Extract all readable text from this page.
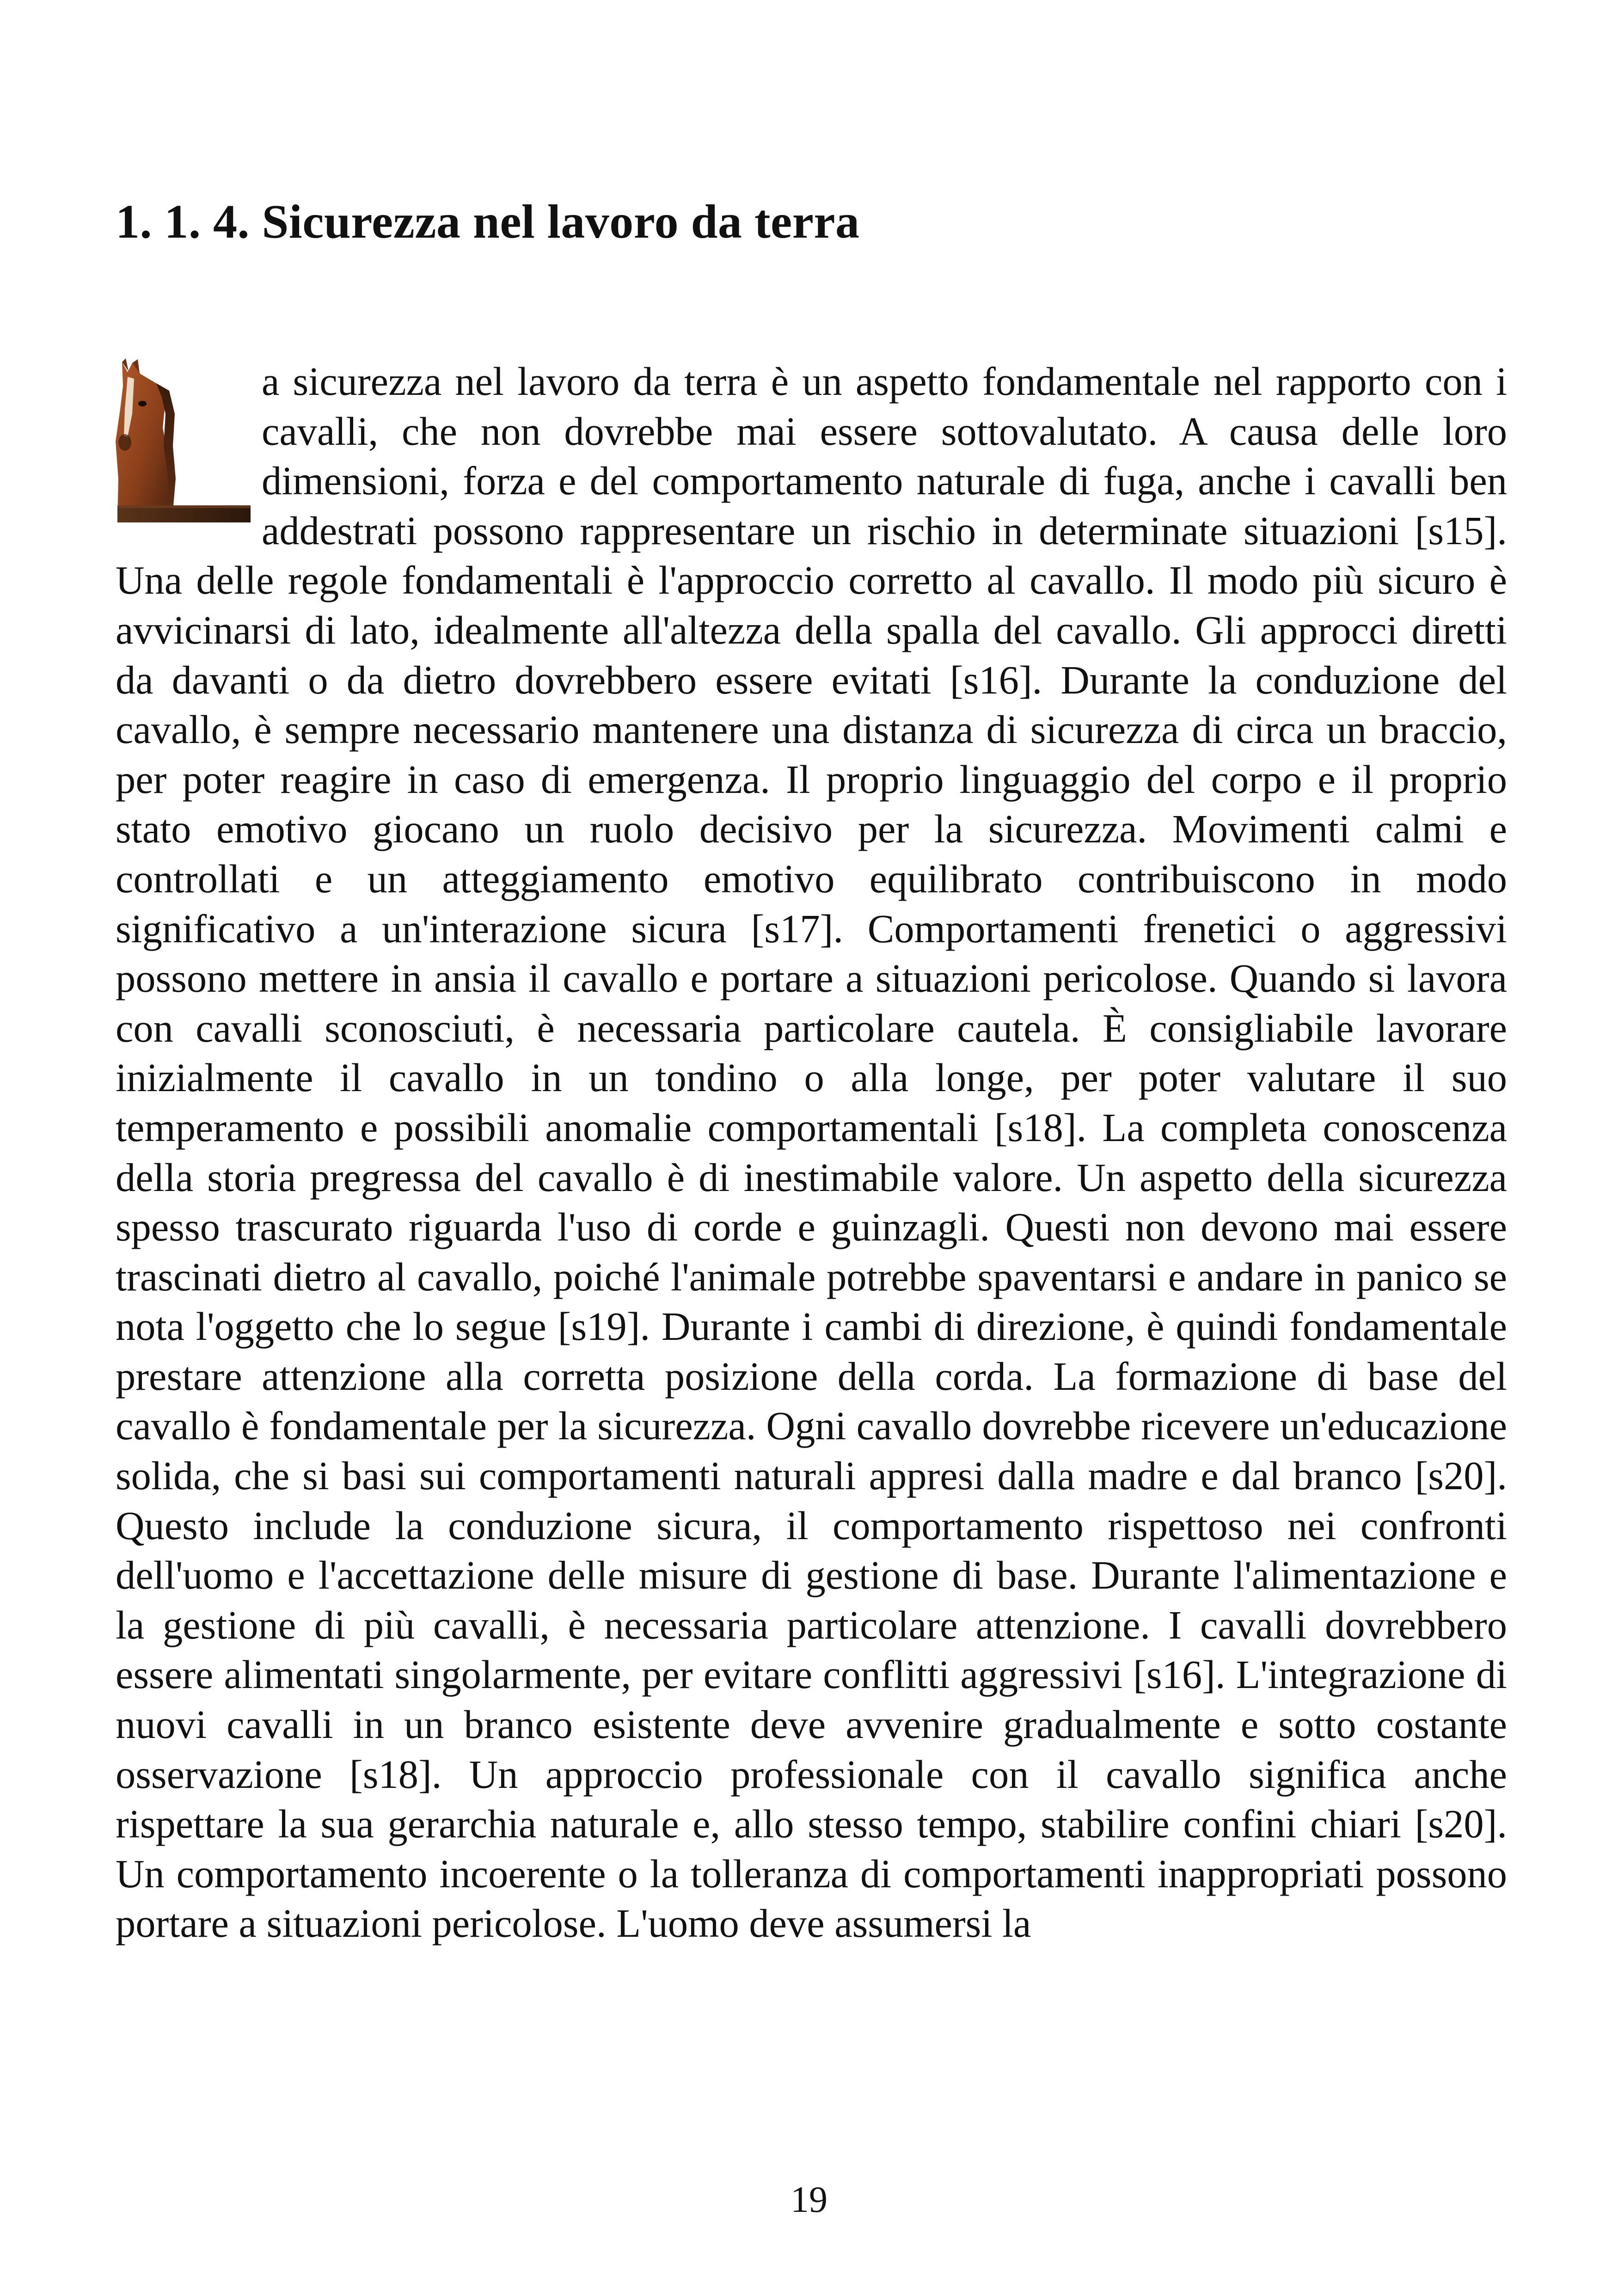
1. 1. 4. Sicurezza nel lavoro da terra

a sicurezza nel lavoro da terra è un aspetto fondamentale nel rapporto con i cavalli, che non dovrebbe mai essere sottovalutato. A causa delle loro dimensioni, forza e del comportamento naturale di fuga, anche i cavalli ben addestrati possono rappresentare un rischio in determinate situazioni [s15]. Una delle regole fondamentali è l'approccio corretto al cavallo. Il modo più sicuro è avvicinarsi di lato, idealmente all'altezza della spalla del cavallo. Gli approcci diretti da davanti o da dietro dovrebbero essere evitati [s16]. Durante la conduzione del cavallo, è sempre necessario mantenere una distanza di sicurezza di circa un braccio, per poter reagire in caso di emergenza. Il proprio linguaggio del corpo e il proprio stato emotivo giocano un ruolo decisivo per la sicurezza. Movimenti calmi e controllati e un atteggiamento emotivo equilibrato contribuiscono in modo significativo a un'interazione sicura [s17]. Comportamenti frenetici o aggressivi possono mettere in ansia il cavallo e portare a situazioni pericolose. Quando si lavora con cavalli sconosciuti, è necessaria particolare cautela. È consigliabile lavorare inizialmente il cavallo in un tondino o alla longe, per poter valutare il suo temperamento e possibili anomalie comportamentali [s18]. La completa conoscenza della storia pregressa del cavallo è di inestimabile valore. Un aspetto della sicurezza spesso trascurato riguarda l'uso di corde e guinzagli. Questi non devono mai essere trascinati dietro al cavallo, poiché l'animale potrebbe spaventarsi e andare in panico se nota l'oggetto che lo segue [s19]. Durante i cambi di direzione, è quindi fondamentale prestare attenzione alla corretta posizione della corda. La formazione di base del cavallo è fondamentale per la sicurezza. Ogni cavallo dovrebbe ricevere un'educazione solida, che si basi sui comportamenti naturali appresi dalla madre e dal branco [s20]. Questo include la conduzione sicura, il comportamento rispettoso nei confronti dell'uomo e l'accettazione delle misure di gestione di base. Durante l'alimentazione e la gestione di più cavalli, è necessaria particolare attenzione. I cavalli dovrebbero essere alimentati singolarmente, per evitare conflitti aggressivi [s16]. L'integrazione di nuovi cavalli in un branco esistente deve avvenire gradualmente e sotto costante osservazione [s18]. Un approccio professionale con il cavallo significa anche rispettare la sua gerarchia naturale e, allo stesso tempo, stabilire confini chiari [s20]. Un comportamento incoerente o la tolleranza di comportamenti inappropriati possono portare a situazioni pericolose. L'uomo deve assumersi la

19
